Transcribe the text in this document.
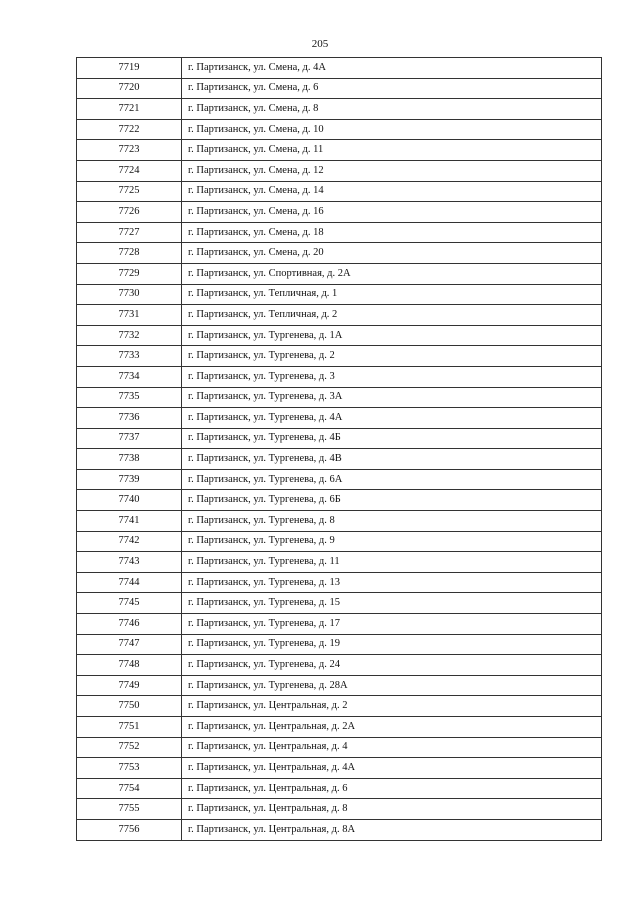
205
7719	г. Партизанск, ул. Смена, д. 4А
7720	г. Партизанск, ул. Смена, д. 6
7721	г. Партизанск, ул. Смена, д. 8
7722	г. Партизанск, ул. Смена, д. 10
7723	г. Партизанск, ул. Смена, д. 11
7724	г. Партизанск, ул. Смена, д. 12
7725	г. Партизанск, ул. Смена, д. 14
7726	г. Партизанск, ул. Смена, д. 16
7727	г. Партизанск, ул. Смена, д. 18
7728	г. Партизанск, ул. Смена, д. 20
7729	г. Партизанск, ул. Спортивная, д. 2А
7730	г. Партизанск, ул. Тепличная, д. 1
7731	г. Партизанск, ул. Тепличная, д. 2
7732	г. Партизанск, ул. Тургенева, д. 1А
7733	г. Партизанск, ул. Тургенева, д. 2
7734	г. Партизанск, ул. Тургенева, д. 3
7735	г. Партизанск, ул. Тургенева, д. 3А
7736	г. Партизанск, ул. Тургенева, д. 4А
7737	г. Партизанск, ул. Тургенева, д. 4Б
7738	г. Партизанск, ул. Тургенева, д. 4В
7739	г. Партизанск, ул. Тургенева, д. 6А
7740	г. Партизанск, ул. Тургенева, д. 6Б
7741	г. Партизанск, ул. Тургенева, д. 8
7742	г. Партизанск, ул. Тургенева, д. 9
7743	г. Партизанск, ул. Тургенева, д. 11
7744	г. Партизанск, ул. Тургенева, д. 13
7745	г. Партизанск, ул. Тургенева, д. 15
7746	г. Партизанск, ул. Тургенева, д. 17
7747	г. Партизанск, ул. Тургенева, д. 19
7748	г. Партизанск, ул. Тургенева, д. 24
7749	г. Партизанск, ул. Тургенева, д. 28А
7750	г. Партизанск, ул. Центральная, д. 2
7751	г. Партизанск, ул. Центральная, д. 2А
7752	г. Партизанск, ул. Центральная, д. 4
7753	г. Партизанск, ул. Центральная, д. 4А
7754	г. Партизанск, ул. Центральная, д. 6
7755	г. Партизанск, ул. Центральная, д. 8
7756	г. Партизанск, ул. Центральная, д. 8А
